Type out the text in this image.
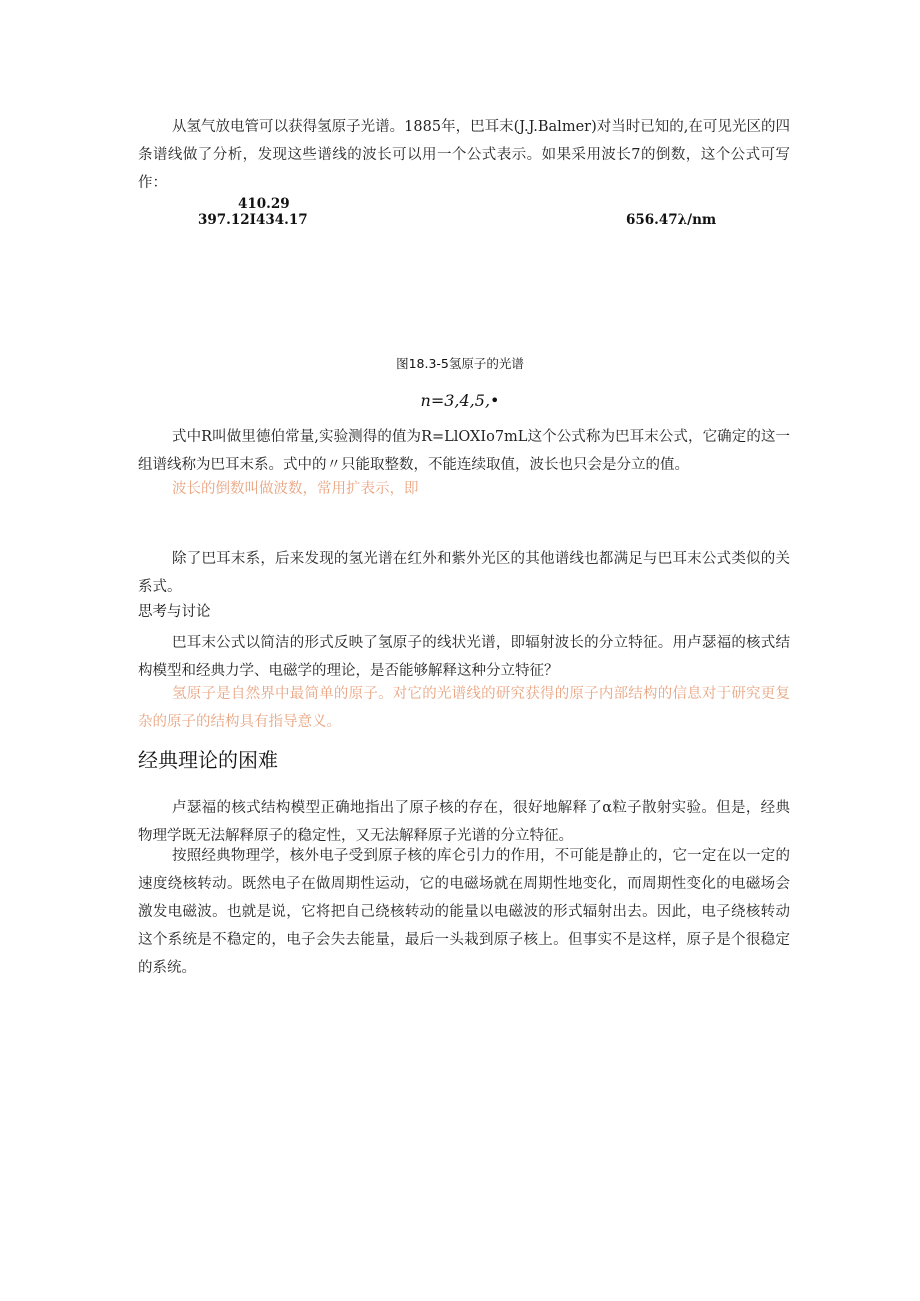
从氢气放电管可以获得氢原子光谱。1885年，巴耳末(J.J.Balmer)对当时已知的,在可见光区的四条谱线做了分析，发现这些谱线的波长可以用一个公式表示。如果采用波长7的倒数，这个公式可写作：

410.29

397.12I434.17	656.47λ/nm

图18.3-5氢原子的光谱

n=3,4,5,•

式中R叫做里德伯常量,实验测得的值为R=LlOXIo7mL这个公式称为巴耳末公式，它确定的这一组谱线称为巴耳末系。式中的〃只能取整数，不能连续取值，波长也只会是分立的值。

波长的倒数叫做波数，常用扩表示，即

除了巴耳末系，后来发现的氢光谱在红外和紫外光区的其他谱线也都满足与巴耳末公式类似的关系式。

思考与讨论

巴耳末公式以简洁的形式反映了氢原子的线状光谱，即辐射波长的分立特征。用卢瑟福的核式结构模型和经典力学、电磁学的理论，是否能够解释这种分立特征？

氢原子是自然界中最简单的原子。对它的光谱线的研究获得的原子内部结构的信息对于研究更复杂的原子的结构具有指导意义。

经典理论的困难

卢瑟福的核式结构模型正确地指出了原子核的存在，很好地解释了α粒子散射实验。但是，经典物理学既无法解释原子的稳定性，又无法解释原子光谱的分立特征。

按照经典物理学，核外电子受到原子核的库仑引力的作用，不可能是静止的，它一定在以一定的速度绕核转动。既然电子在做周期性运动，它的电磁场就在周期性地变化，而周期性变化的电磁场会激发电磁波。也就是说，它将把自己绕核转动的能量以电磁波的形式辐射出去。因此，电子绕核转动这个系统是不稳定的，电子会失去能量，最后一头栽到原子核上。但事实不是这样，原子是个很稳定的系统。
